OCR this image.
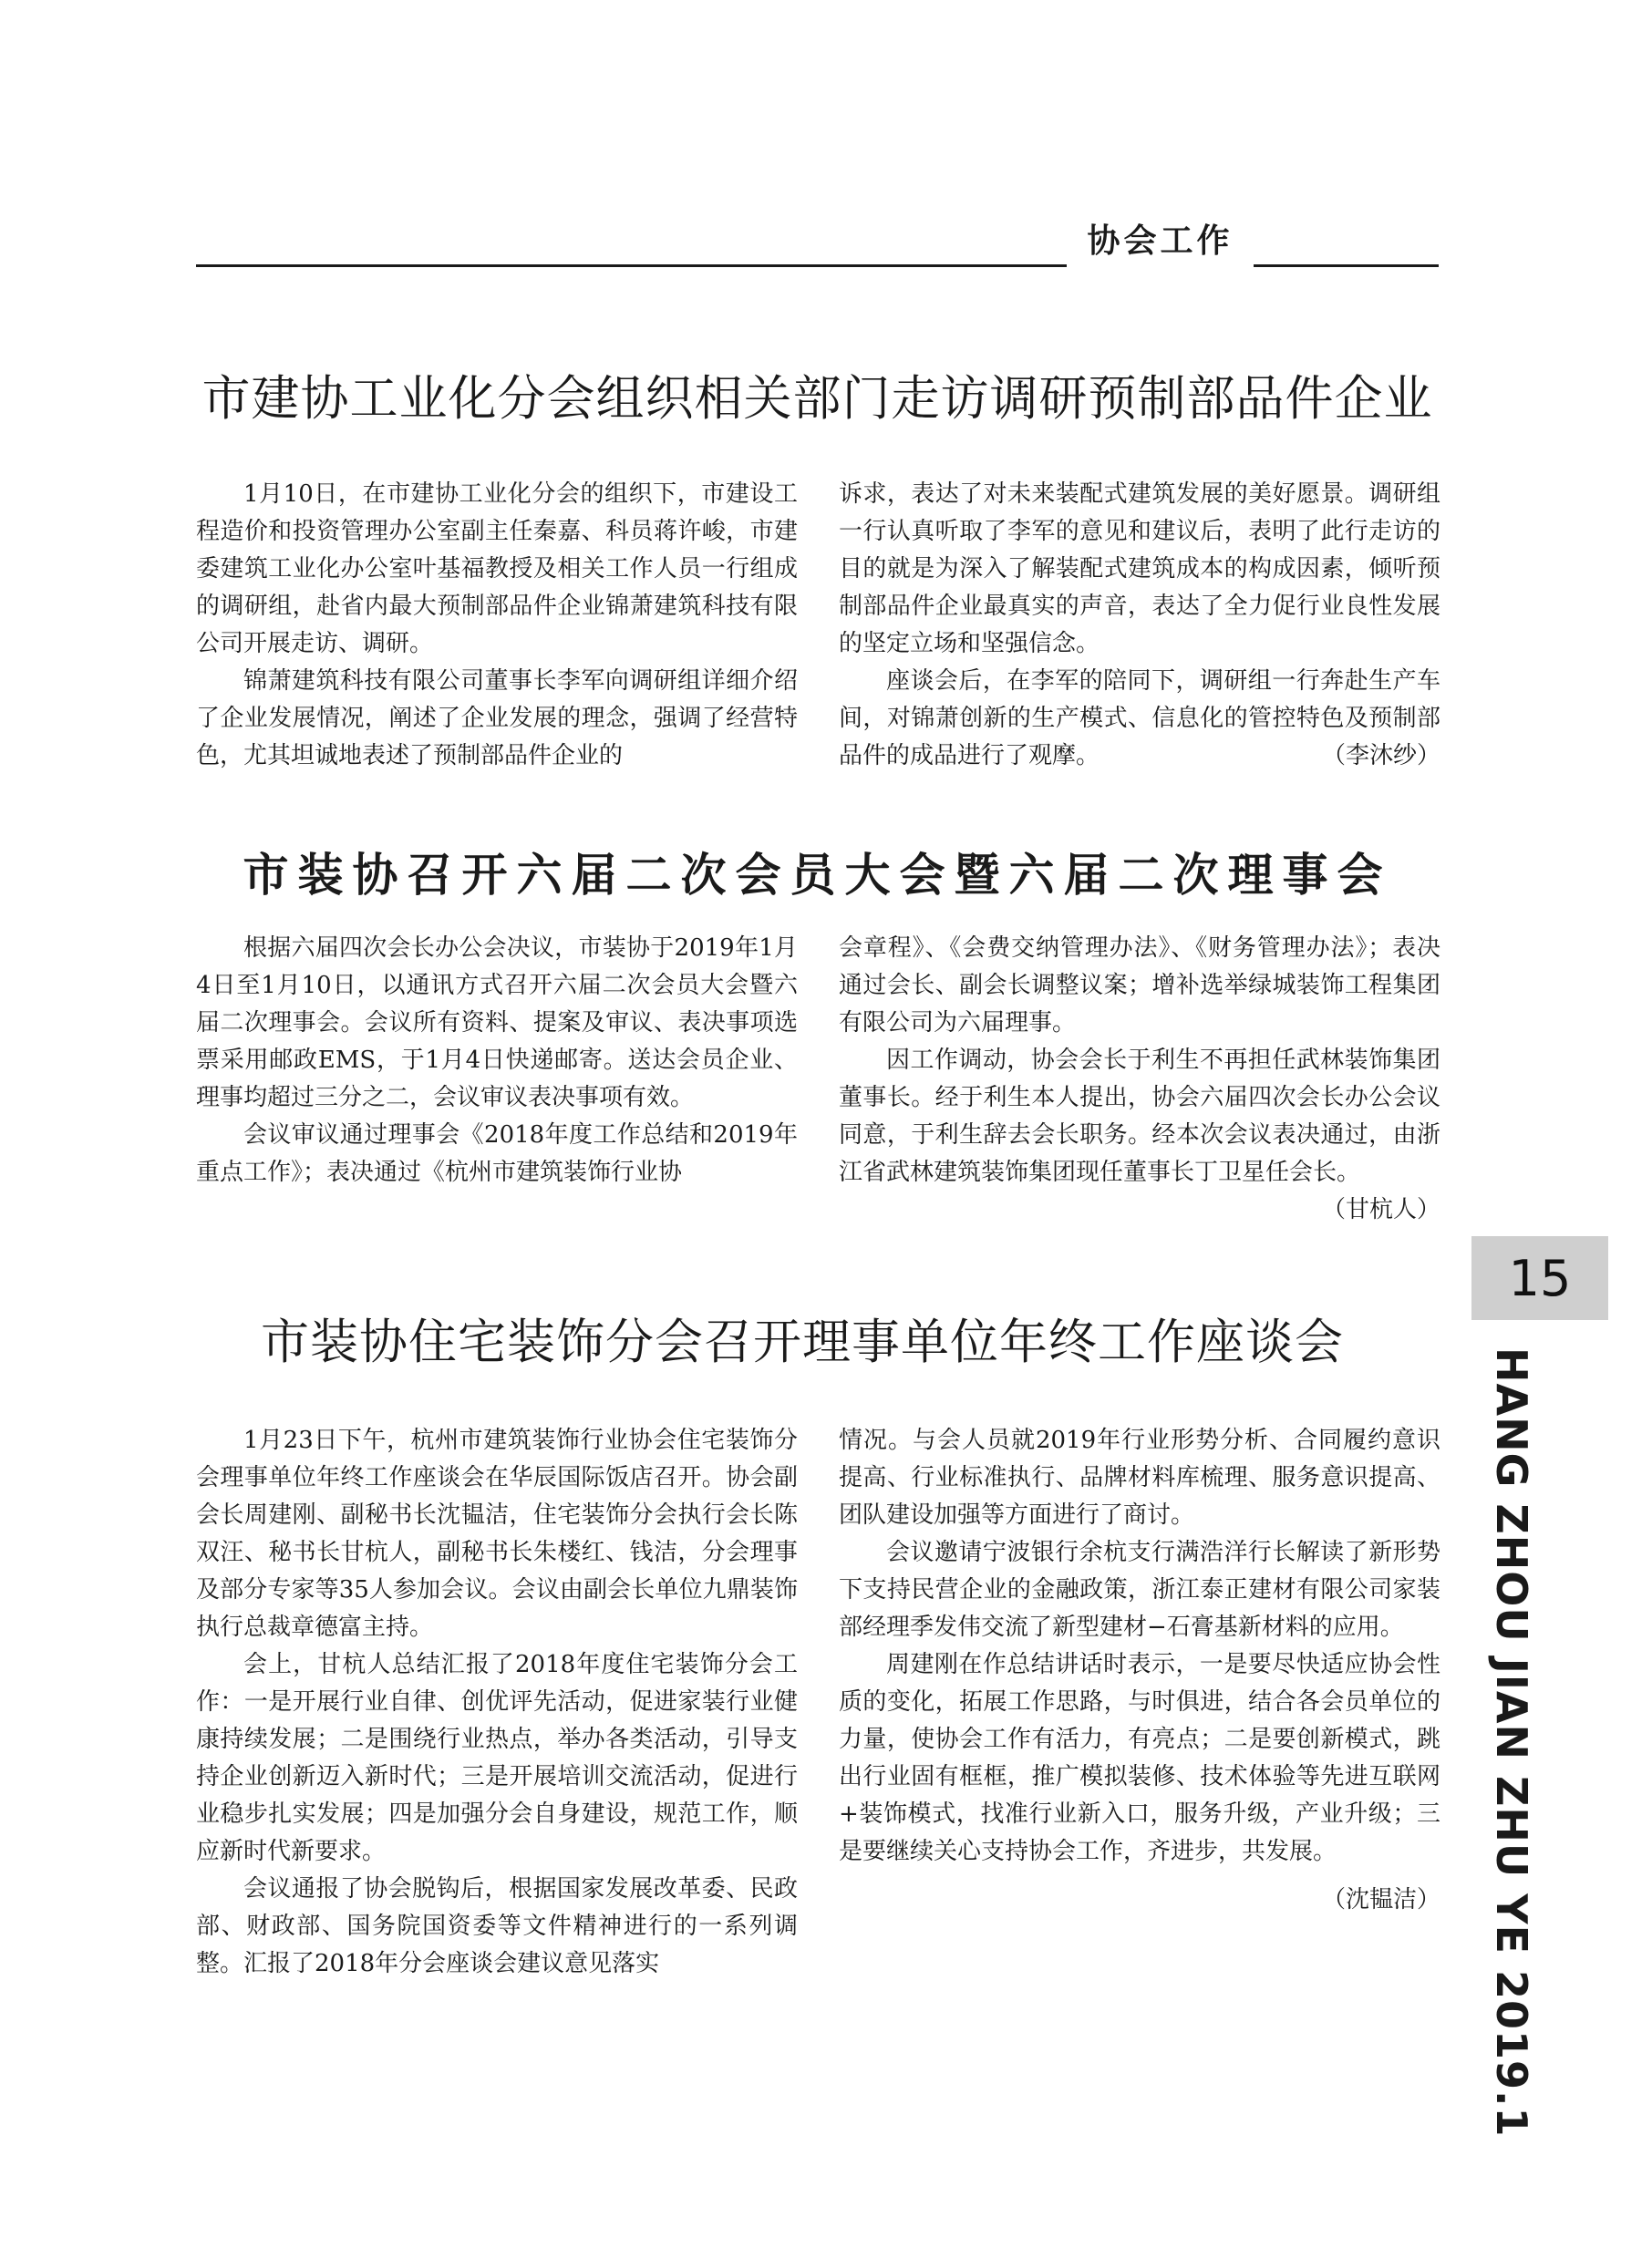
协会工作
市建协工业化分会组织相关部门走访调研预制部品件企业

1月10日，在市建协工业化分会的组织下，市建设工程造价和投资管理办公室副主任秦嘉、科员蒋许峻，市建委建筑工业化办公室叶基福教授及相关工作人员一行组成的调研组，赴省内最大预制部品件企业锦萧建筑科技有限公司开展走访、调研。

锦萧建筑科技有限公司董事长李军向调研组详细介绍了企业发展情况，阐述了企业发展的理念，强调了经营特色，尤其坦诚地表述了预制部品件企业的

诉求，表达了对未来装配式建筑发展的美好愿景。调研组一行认真听取了李军的意见和建议后，表明了此行走访的目的就是为深入了解装配式建筑成本的构成因素，倾听预制部品件企业最真实的声音，表达了全力促行业良性发展的坚定立场和坚强信念。

座谈会后，在李军的陪同下，调研组一行奔赴生产车间，对锦萧创新的生产模式、信息化的管控特色及预制部品件的成品进行了观摩。	（李沐纱）

市装协召开六届二次会员大会暨六届二次理事会

根据六届四次会长办公会决议，市装协于2019年1月4日至1月10日，以通讯方式召开六届二次会员大会暨六届二次理事会。会议所有资料、提案及审议、表决事项选票采用邮政EMS，于1月4日快递邮寄。送达会员企业、理事均超过三分之二，会议审议表决事项有效。

会议审议通过理事会《2018年度工作总结和2019年重点工作》；表决通过《杭州市建筑装饰行业协

会章程》、《会费交纳管理办法》、《财务管理办法》；表决通过会长、副会长调整议案；增补选举绿城装饰工程集团有限公司为六届理事。

因工作调动，协会会长于利生不再担任武林装饰集团董事长。经于利生本人提出，协会六届四次会长办公会议同意，于利生辞去会长职务。经本次会议表决通过，由浙江省武林建筑装饰集团现任董事长丁卫星任会长。
（甘杭人）

市装协住宅装饰分会召开理事单位年终工作座谈会

1月23日下午，杭州市建筑装饰行业协会住宅装饰分会理事单位年终工作座谈会在华辰国际饭店召开。协会副会长周建刚、副秘书长沈韫洁，住宅装饰分会执行会长陈双汪、秘书长甘杭人，副秘书长朱楼红、钱洁，分会理事及部分专家等35人参加会议。会议由副会长单位九鼎装饰执行总裁章德富主持。

会上，甘杭人总结汇报了2018年度住宅装饰分会工作：一是开展行业自律、创优评先活动，促进家装行业健康持续发展；二是围绕行业热点，举办各类活动，引导支持企业创新迈入新时代；三是开展培训交流活动，促进行业稳步扎实发展；四是加强分会自身建设，规范工作，顺应新时代新要求。

会议通报了协会脱钩后，根据国家发展改革委、民政部、财政部、国务院国资委等文件精神进行的一系列调整。汇报了2018年分会座谈会建议意见落实

情况。与会人员就2019年行业形势分析、合同履约意识提高、行业标准执行、品牌材料库梳理、服务意识提高、团队建设加强等方面进行了商讨。

会议邀请宁波银行余杭支行满浩洋行长解读了新形势下支持民营企业的金融政策，浙江泰正建材有限公司家装部经理季发伟交流了新型建材−石膏基新材料的应用。

周建刚在作总结讲话时表示，一是要尽快适应协会性质的变化，拓展工作思路，与时俱进，结合各会员单位的力量，使协会工作有活力，有亮点；二是要创新模式，跳出行业固有框框，推广模拟装修、技术体验等先进互联网+装饰模式，找准行业新入口，服务升级，产业升级；三是要继续关心支持协会工作，齐进步，共发展。

（沈韫洁）
15
HANG ZHOU JIAN ZHU YE 2019.1
